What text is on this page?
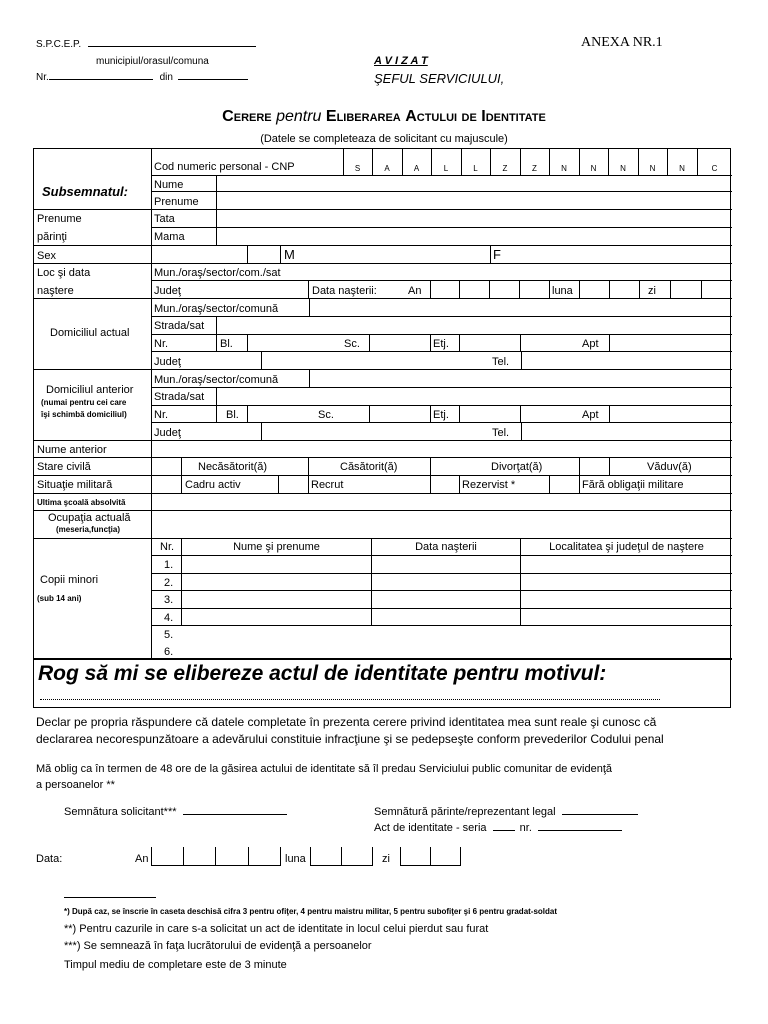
S.P.C.E.P.
municipiul/orasul/comuna
Nr.	din
ANEXA NR.1
A V I Z A T
ŞEFUL SERVICIULUI,
Cerere pentru Eliberarea Actului de Identitate
(Datele se completeaza de solicitant cu majuscule)
Cod numeric personal - CNP	S	A	A	L	L	Z	Z	N	N	N	N	N	C
Subsemnatul: Nume
Prenume
Prenume
părinţi
Tata
Mama
Sex	M	F
Loc şi data
naştere
Mun./oraş/sector/com./sat
Judeţ	Data naşterii:	An	luna	zi
Domiciliul actual
Mun./oraş/sector/comună
Strada/sat
Nr.	Bl.	Sc.	Etj.	Apt
Judeţ	Tel.
Domiciliul anterior
(numai pentru cei care
îşi schimbă domiciliul)
Mun./oraş/sector/comună
Strada/sat
Nr.	Bl.	Sc.	Etj.	Apt
Judeţ	Tel.
Nume anterior
Stare civilă	Necăsătorit(ă)	Căsătorit(ă)	Divorţat(ă)	Văduv(ă)
Situaţie militară	Cadru activ	Recrut	Rezervist *	Fără obligaţii militare
Ultima şcoală absolvită
Ocupaţia actuală
(meseria,funcţia)
Copii minori
(sub 14 ani)
Nr.	Nume şi prenume	Data naşterii	Localitatea şi judeţul de naştere
1.
2.
3.
4.
5.
6.
Rog să mi se elibereze actul de identitate pentru motivul:
Declar pe propria răspundere că datele completate în prezenta cerere privind identitatea mea sunt reale şi cunosc că
declararea necorespunzătoare a adevărului constituie infracţiune şi se pedepseşte conform prevederilor Codului penal
Mă oblig ca în termen de 48 ore de la găsirea actului de identitate să îl predau Serviciului public comunitar de evidenţă
a persoanelor **
Semnătura solicitant***	Semnătură părinte/reprezentant legal
Act de identitate - seria	nr.
Data:	An	luna	zi
*) După caz, se înscrie în caseta deschisă cifra 3 pentru ofiţer, 4 pentru maistru militar, 5 pentru subofiţer şi 6 pentru gradat-soldat
**) Pentru cazurile in care s-a solicitat un act de identitate in locul celui pierdut sau furat
***) Se semnează în faţa lucrătorului de evidenţă a persoanelor
Timpul mediu de completare este de 3 minute
